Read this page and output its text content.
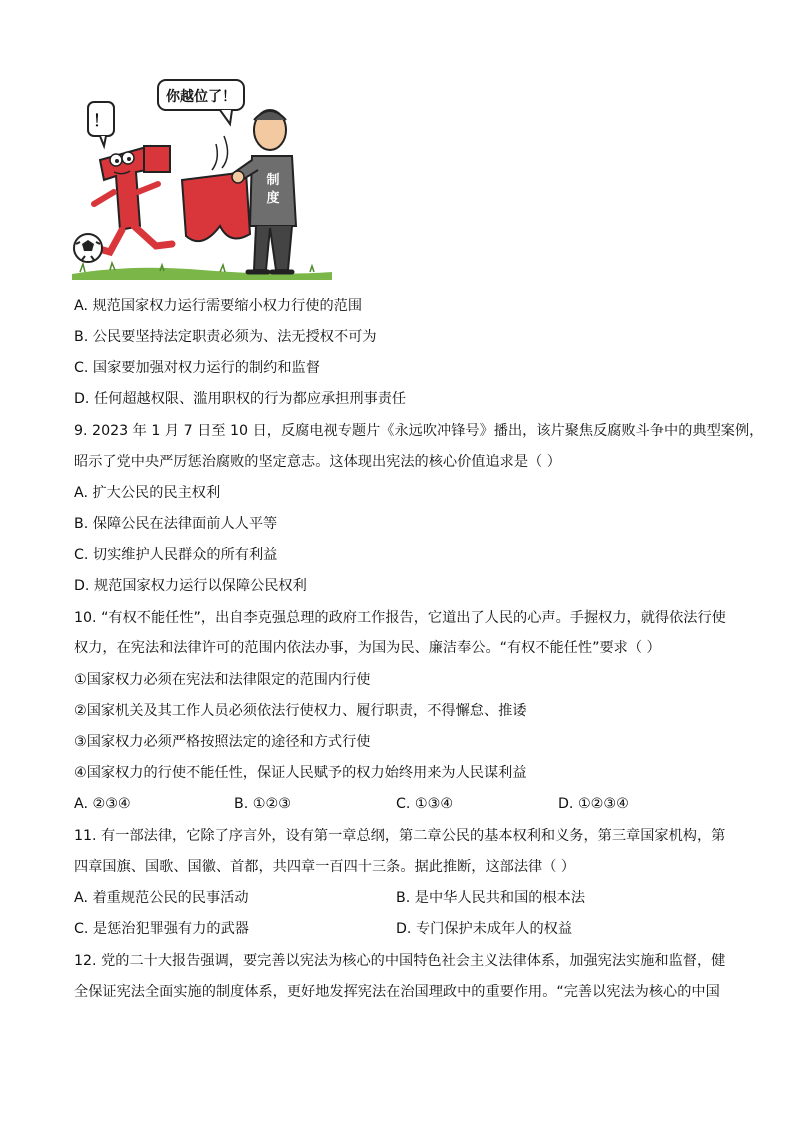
你越位了！
！
制
度
A. 规范国家权力运行需要缩小权力行使的范围
B. 公民要坚持法定职责必须为、法无授权不可为
C. 国家要加强对权力运行的制约和监督
D. 任何超越权限、滥用职权的行为都应承担刑事责任
9. 2023 年 1 月 7 日至 10 日，反腐电视专题片《永远吹冲锋号》播出，该片聚焦反腐败斗争中的典型案例，
昭示了党中央严厉惩治腐败的坚定意志。这体现出宪法的核心价值追求是（ ）
A. 扩大公民的民主权利
B. 保障公民在法律面前人人平等
C. 切实维护人民群众的所有利益
D. 规范国家权力运行以保障公民权利
10. “有权不能任性”，出自李克强总理的政府工作报告，它道出了人民的心声。手握权力，就得依法行使
权力，在宪法和法律许可的范围内依法办事，为国为民、廉洁奉公。“有权不能任性”要求（ ）
①国家权力必须在宪法和法律限定的范围内行使
②国家机关及其工作人员必须依法行使权力、履行职责，不得懈怠、推诿
③国家权力必须严格按照法定的途径和方式行使
④国家权力的行使不能任性，保证人民赋予的权力始终用来为人民谋利益
A. ②③④	B. ①②③	C. ①③④	D. ①②③④
11. 有一部法律，它除了序言外，设有第一章总纲，第二章公民的基本权利和义务，第三章国家机构，第
四章国旗、国歌、国徽、首都，共四章一百四十三条。据此推断，这部法律（ ）
A. 着重规范公民的民事活动	B. 是中华人民共和国的根本法
C. 是惩治犯罪强有力的武器	D. 专门保护未成年人的权益
12. 党的二十大报告强调，要完善以宪法为核心的中国特色社会主义法律体系，加强宪法实施和监督，健
全保证宪法全面实施的制度体系，更好地发挥宪法在治国理政中的重要作用。“完善以宪法为核心的中国
